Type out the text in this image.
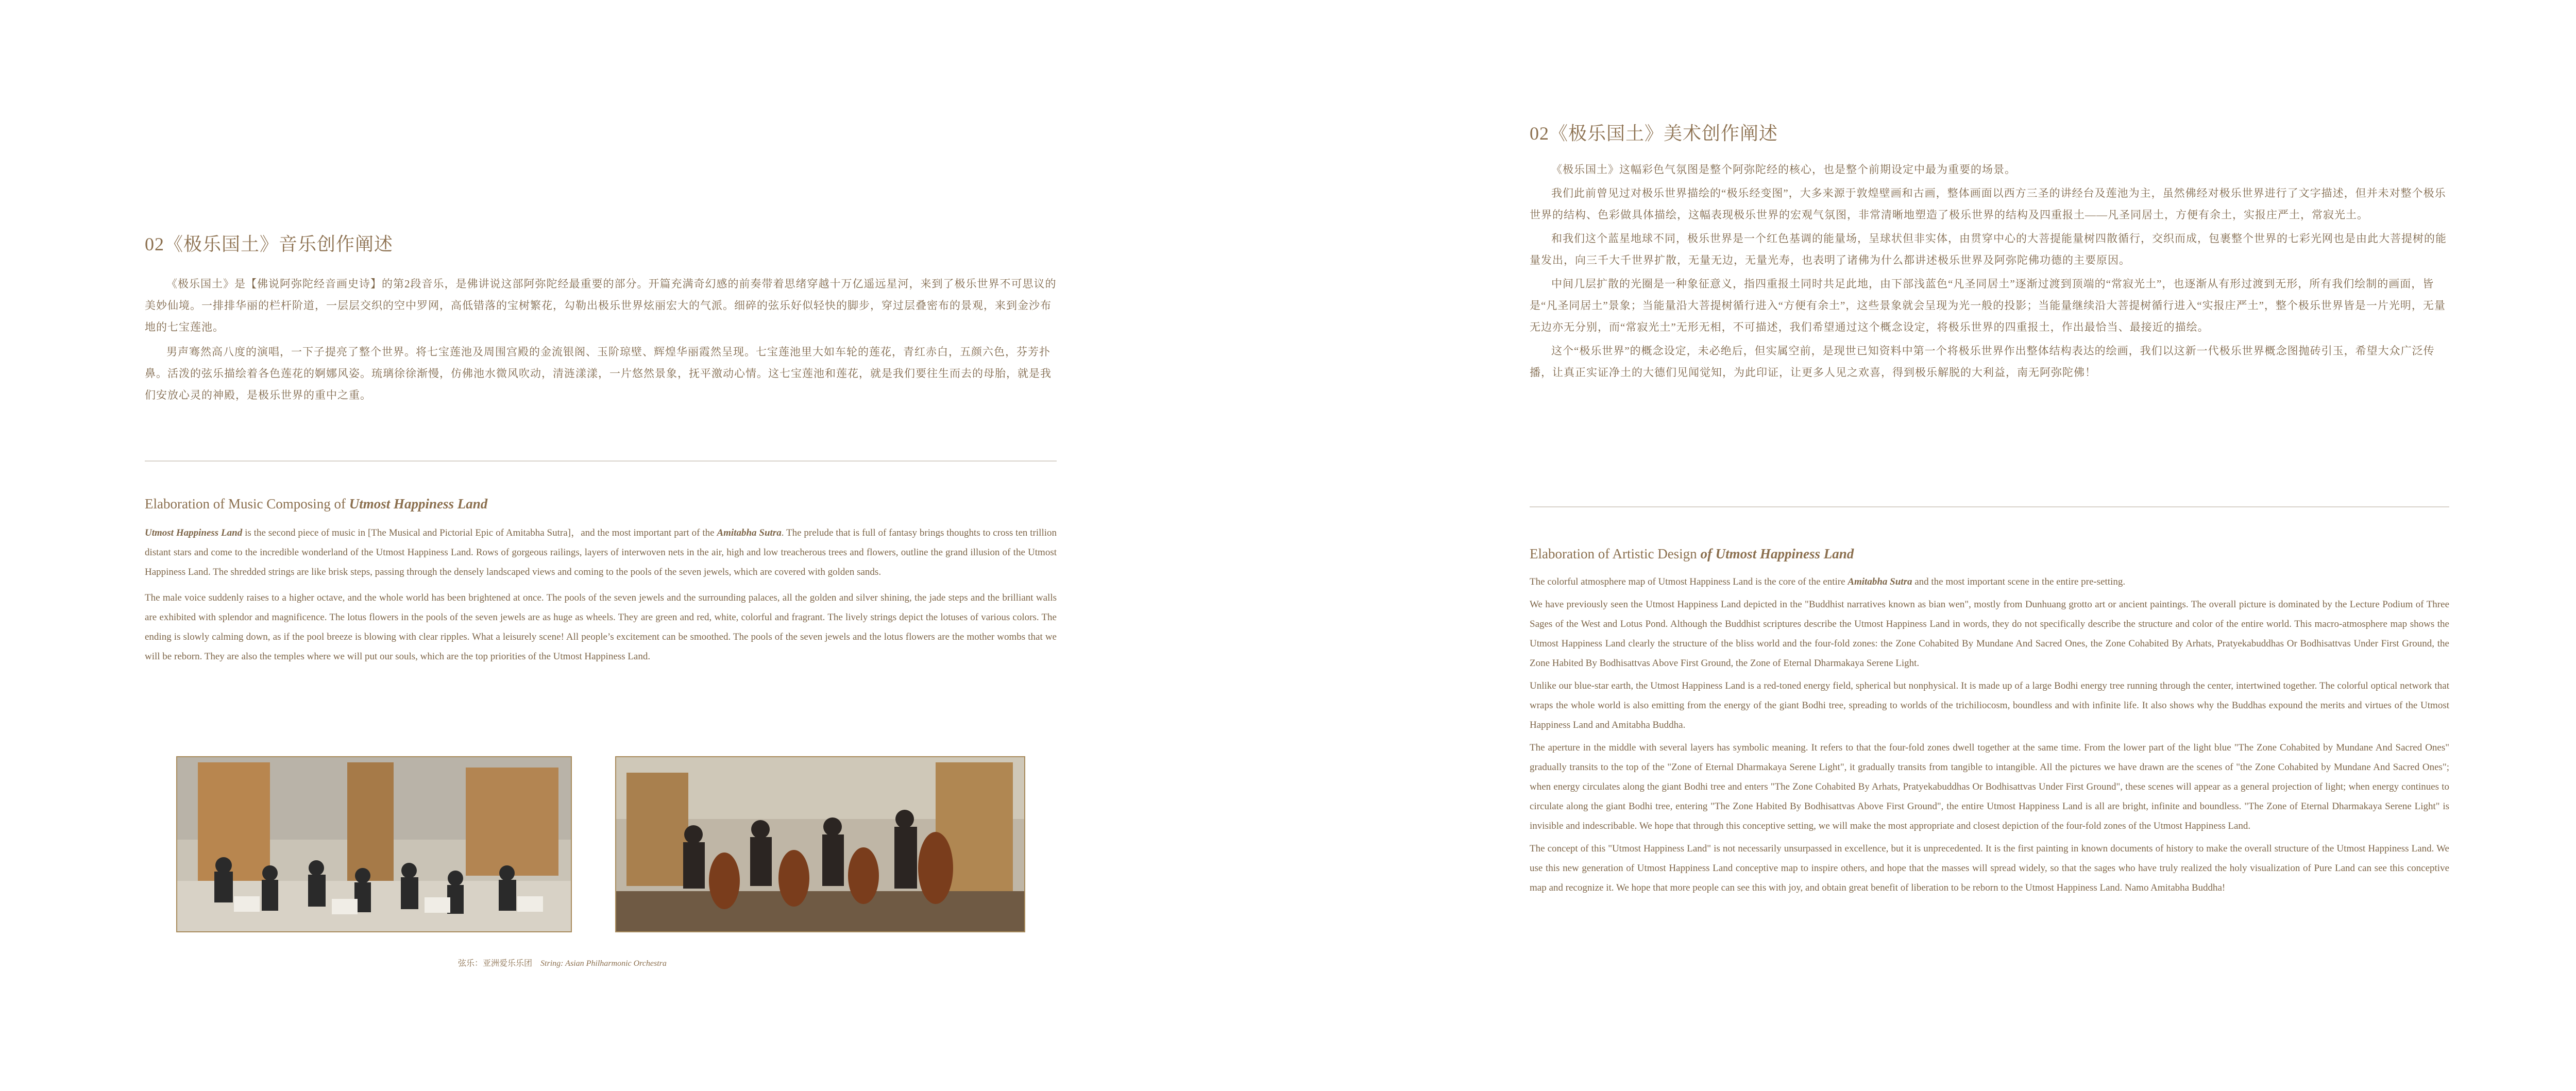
02《极乐国土》音乐创作阐述

《极乐国土》是【佛说阿弥陀经音画史诗】的第2段音乐，是佛讲说这部阿弥陀经最重要的部分。开篇充满奇幻感的前奏带着思绪穿越十万亿遥远星河，来到了极乐世界不可思议的美妙仙境。一排排华丽的栏杆阶道，一层层交织的空中罗网，高低错落的宝树繁花，勾勒出极乐世界炫丽宏大的气派。细碎的弦乐好似轻快的脚步，穿过层叠密布的景观，来到金沙布地的七宝莲池。

男声骞然高八度的演唱，一下子提亮了整个世界。将七宝莲池及周围宫殿的金流银阁、玉阶琼壁、辉煌华丽霞然呈现。七宝莲池里大如车轮的莲花，青红赤白，五颜六色，芬芳扑鼻。活泼的弦乐描绘着各色莲花的婀娜风姿。琉璃徐徐渐慢，仿佛池水微风吹动，清涟漾漾，一片悠然景象，抚平激动心情。这七宝莲池和莲花，就是我们要往生而去的母胎，就是我们安放心灵的神殿，是极乐世界的重中之重。

Elaboration of Music Composing of Utmost Happiness Land

Utmost Happiness Land is the second piece of music in [The Musical and Pictorial Epic of Amitabha Sutra]，and the most important part of the Amitabha Sutra. The prelude that is full of fantasy brings thoughts to cross ten trillion distant stars and come to the incredible wonderland of the Utmost Happiness Land. Rows of gorgeous railings, layers of interwoven nets in the air, high and low treacherous trees and flowers, outline the grand illusion of the Utmost Happiness Land. The shredded strings are like brisk steps, passing through the densely landscaped views and coming to the pools of the seven jewels, which are covered with golden sands.

The male voice suddenly raises to a higher octave, and the whole world has been brightened at once. The pools of the seven jewels and the surrounding palaces, all the golden and silver shining, the jade steps and the brilliant walls are exhibited with splendor and magnificence. The lotus flowers in the pools of the seven jewels are as huge as wheels. They are green and red, white, colorful and fragrant. The lively strings depict the lotuses of various colors. The ending is slowly calming down, as if the pool breeze is blowing with clear ripples. What a leisurely scene! All people’s excitement can be smoothed. The pools of the seven jewels and the lotus flowers are the mother wombs that we will be reborn. They are also the temples where we will put our souls, which are the top priorities of the Utmost Happiness Land.

弦乐：亚洲爱乐乐团 String: Asian Philharmonic Orchestra
02《极乐国土》美术创作阐述

《极乐国土》这幅彩色气氛图是整个阿弥陀经的核心，也是整个前期设定中最为重要的场景。

我们此前曾见过对极乐世界描绘的“极乐经变图”，大多来源于敦煌壁画和古画，整体画面以西方三圣的讲经台及莲池为主，虽然佛经对极乐世界进行了文字描述，但并未对整个极乐世界的结构、色彩做具体描绘，这幅表现极乐世界的宏观气氛图，非常清晰地塑造了极乐世界的结构及四重报土——凡圣同居土，方便有余土，实报庄严土，常寂光土。

和我们这个蓝星地球不同，极乐世界是一个红色基调的能量场，呈球状但非实体，由贯穿中心的大菩提能量树四散循行，交织而成，包裹整个世界的七彩光网也是由此大菩提树的能量发出，向三千大千世界扩散，无量无边，无量光寿，也表明了诸佛为什么都讲述极乐世界及阿弥陀佛功德的主要原因。

中间几层扩散的光圈是一种象征意义，指四重报土同时共足此地，由下部浅蓝色“凡圣同居土”逐渐过渡到顶端的“常寂光土”，也逐渐从有形过渡到无形，所有我们绘制的画面，皆是“凡圣同居土”景象；当能量沿大菩提树循行进入“方便有余土”，这些景象就会呈现为光一般的投影；当能量继续沿大菩提树循行进入“实报庄严土”，整个极乐世界皆是一片光明，无量无边亦无分别，而“常寂光土”无形无相，不可描述，我们希望通过这个概念设定，将极乐世界的四重报土，作出最恰当、最接近的描绘。

这个“极乐世界”的概念设定，未必绝后，但实属空前，是现世已知资料中第一个将极乐世界作出整体结构表达的绘画，我们以这新一代极乐世界概念图抛砖引玉，希望大众广泛传播，让真正实证净土的大德们见闻觉知，为此印证，让更多人见之欢喜，得到极乐解脱的大利益，南无阿弥陀佛！

Elaboration of Artistic Design of Utmost Happiness Land

The colorful atmosphere map of Utmost Happiness Land is the core of the entire Amitabha Sutra and the most important scene in the entire pre-setting.

We have previously seen the Utmost Happiness Land depicted in the "Buddhist narratives known as bian wen", mostly from Dunhuang grotto art or ancient paintings. The overall picture is dominated by the Lecture Podium of Three Sages of the West and Lotus Pond. Although the Buddhist scriptures describe the Utmost Happiness Land in words, they do not specifically describe the structure and color of the entire world. This macro-atmosphere map shows the Utmost Happiness Land clearly the structure of the bliss world and the four-fold zones: the Zone Cohabited By Mundane And Sacred Ones, the Zone Cohabited By Arhats, Pratyekabuddhas Or Bodhisattvas Under First Ground, the Zone Habited By Bodhisattvas Above First Ground, the Zone of Eternal Dharmakaya Serene Light.

Unlike our blue-star earth, the Utmost Happiness Land is a red-toned energy field, spherical but nonphysical. It is made up of a large Bodhi energy tree running through the center, intertwined together. The colorful optical network that wraps the whole world is also emitting from the energy of the giant Bodhi tree, spreading to worlds of the trichiliocosm, boundless and with infinite life. It also shows why the Buddhas expound the merits and virtues of the Utmost Happiness Land and Amitabha Buddha.

The aperture in the middle with several layers has symbolic meaning. It refers to that the four-fold zones dwell together at the same time. From the lower part of the light blue "The Zone Cohabited by Mundane And Sacred Ones" gradually transits to the top of the "Zone of Eternal Dharmakaya Serene Light", it gradually transits from tangible to intangible. All the pictures we have drawn are the scenes of "the Zone Cohabited by Mundane And Sacred Ones"; when energy circulates along the giant Bodhi tree and enters "The Zone Cohabited By Arhats, Pratyekabuddhas Or Bodhisattvas Under First Ground", these scenes will appear as a general projection of light; when energy continues to circulate along the giant Bodhi tree, entering "The Zone Habited By Bodhisattvas Above First Ground", the entire Utmost Happiness Land is all are bright, infinite and boundless. "The Zone of Eternal Dharmakaya Serene Light" is invisible and indescribable. We hope that through this conceptive setting, we will make the most appropriate and closest depiction of the four-fold zones of the Utmost Happiness Land.

The concept of this "Utmost Happiness Land" is not necessarily unsurpassed in excellence, but it is unprecedented. It is the first painting in known documents of history to make the overall structure of the Utmost Happiness Land. We use this new generation of Utmost Happiness Land conceptive map to inspire others, and hope that the masses will spread widely, so that the sages who have truly realized the holy visualization of Pure Land can see this conceptive map and recognize it. We hope that more people can see this with joy, and obtain great benefit of liberation to be reborn to the Utmost Happiness Land. Namo Amitabha Buddha!
